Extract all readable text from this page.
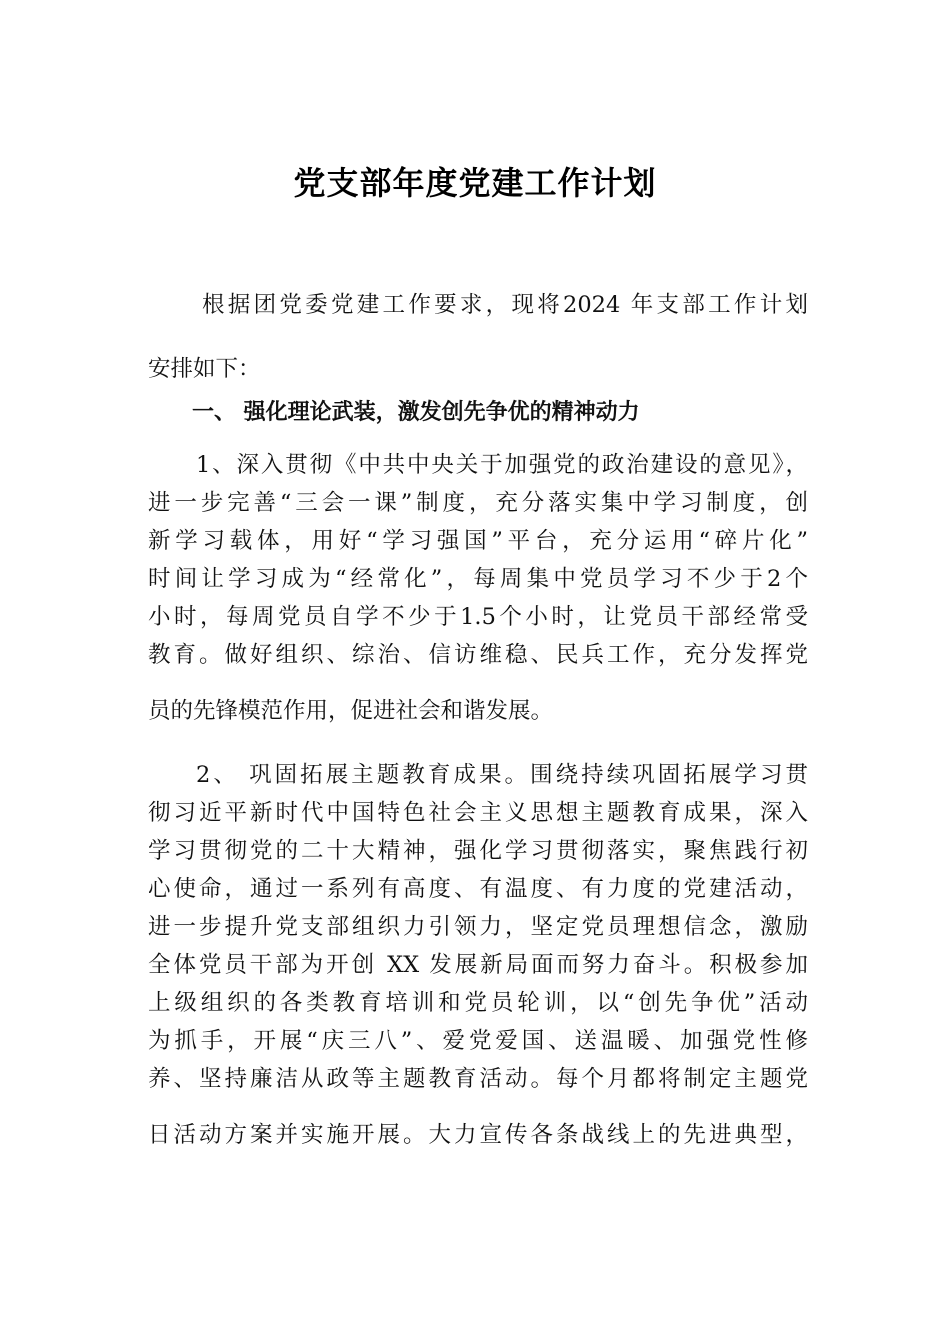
党支部年度党建工作计划
根据团党委党建工作要求，现将2024 年支部工作计划
安排如下：
一、 强化理论武装，激发创先争优的精神动力
1、深入贯彻《中共中央关于加强党的政治建设的意见》，
进一步完善“三会一课”制度，充分落实集中学习制度，创
新学习载体，用好“学习强国”平台，充分运用“碎片化”
时间让学习成为“经常化”，每周集中党员学习不少于2个
小时，每周党员自学不少于1.5个小时，让党员干部经常受
教育。做好组织、综治、信访维稳、民兵工作，充分发挥党
员的先锋模范作用，促进社会和谐发展。
2、 巩固拓展主题教育成果。围绕持续巩固拓展学习贯
彻习近平新时代中国特色社会主义思想主题教育成果，深入
学习贯彻党的二十大精神，强化学习贯彻落实，聚焦践行初
心使命，通过一系列有高度、有温度、有力度的党建活动，
进一步提升党支部组织力引领力，坚定党员理想信念，激励
全体党员干部为开创 XX 发展新局面而努力奋斗。积极参加
上级组织的各类教育培训和党员轮训，以“创先争优”活动
为抓手，开展“庆三八”、爱党爱国、送温暖、加强党性修
养、坚持廉洁从政等主题教育活动。每个月都将制定主题党
日活动方案并实施开展。大力宣传各条战线上的先进典型，
